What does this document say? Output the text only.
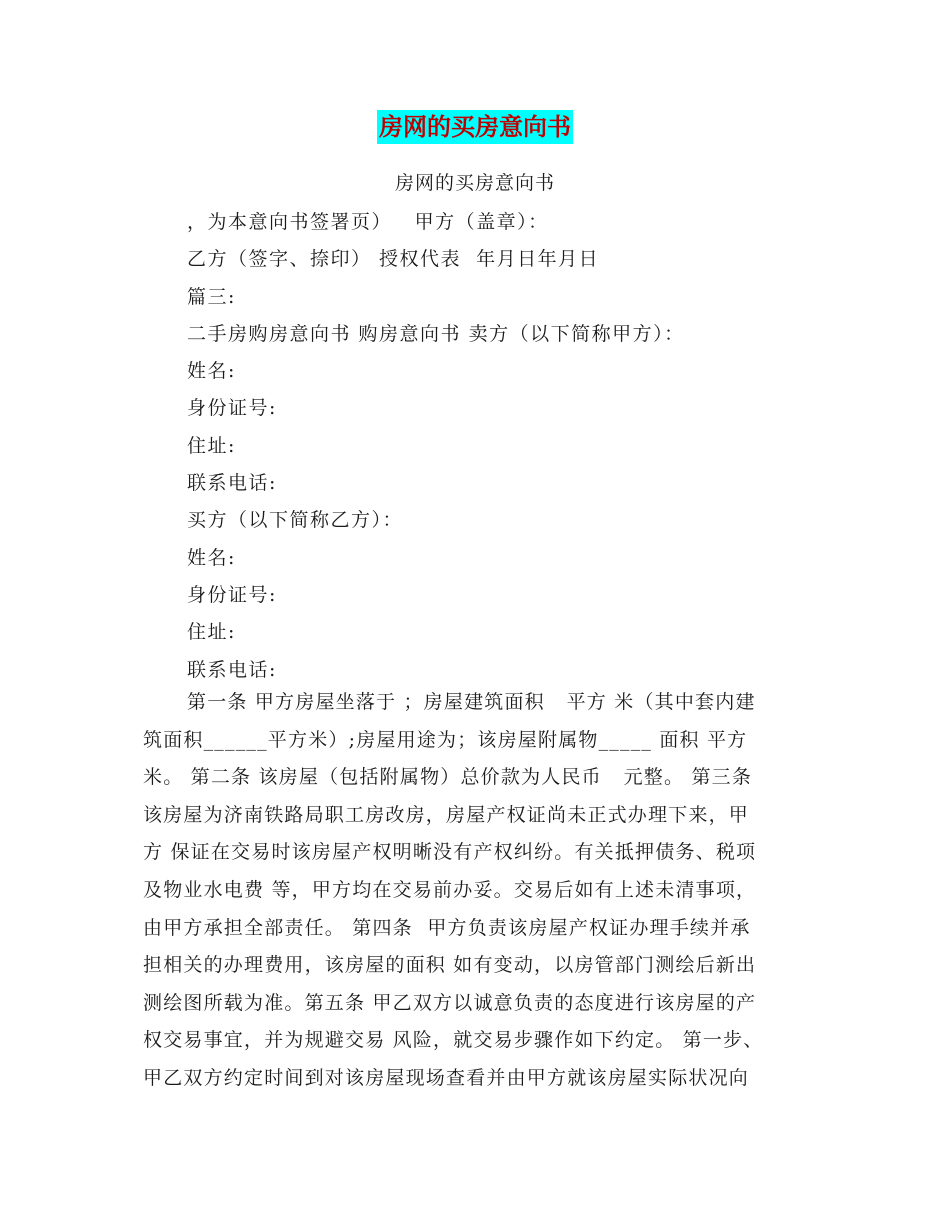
房网的买房意向书
房网的买房意向书
，为本意向书签署页）   甲方（盖章）：
乙方（签字、捺印） 授权代表  年月日年月日
篇三:
二手房购房意向书 购房意向书 卖方（以下简称甲方）：
姓名:
身份证号:
住址:
联系电话:
买方（以下简称乙方）：
姓名:
身份证号:
住址:
联系电话:
第一条 甲方房屋坐落于 ；房屋建筑面积   平方 米（其中套内建
筑面积______平方米）;房屋用途为；该房屋附属物_____ 面积 平方
米。 第二条 该房屋（包括附属物）总价款为人民币   元整。 第三条
该房屋为济南铁路局职工房改房，房屋产权证尚未正式办理下来，甲
方 保证在交易时该房屋产权明晰没有产权纠纷。有关抵押债务、税项
及物业水电费 等，甲方均在交易前办妥。交易后如有上述未清事项，
由甲方承担全部责任。 第四条  甲方负责该房屋产权证办理手续并承
担相关的办理费用，该房屋的面积 如有变动，以房管部门测绘后新出
测绘图所载为准。第五条 甲乙双方以诚意负责的态度进行该房屋的产
权交易事宜，并为规避交易 风险，就交易步骤作如下约定。 第一步、
甲乙双方约定时间到对该房屋现场查看并由甲方就该房屋实际状况向
